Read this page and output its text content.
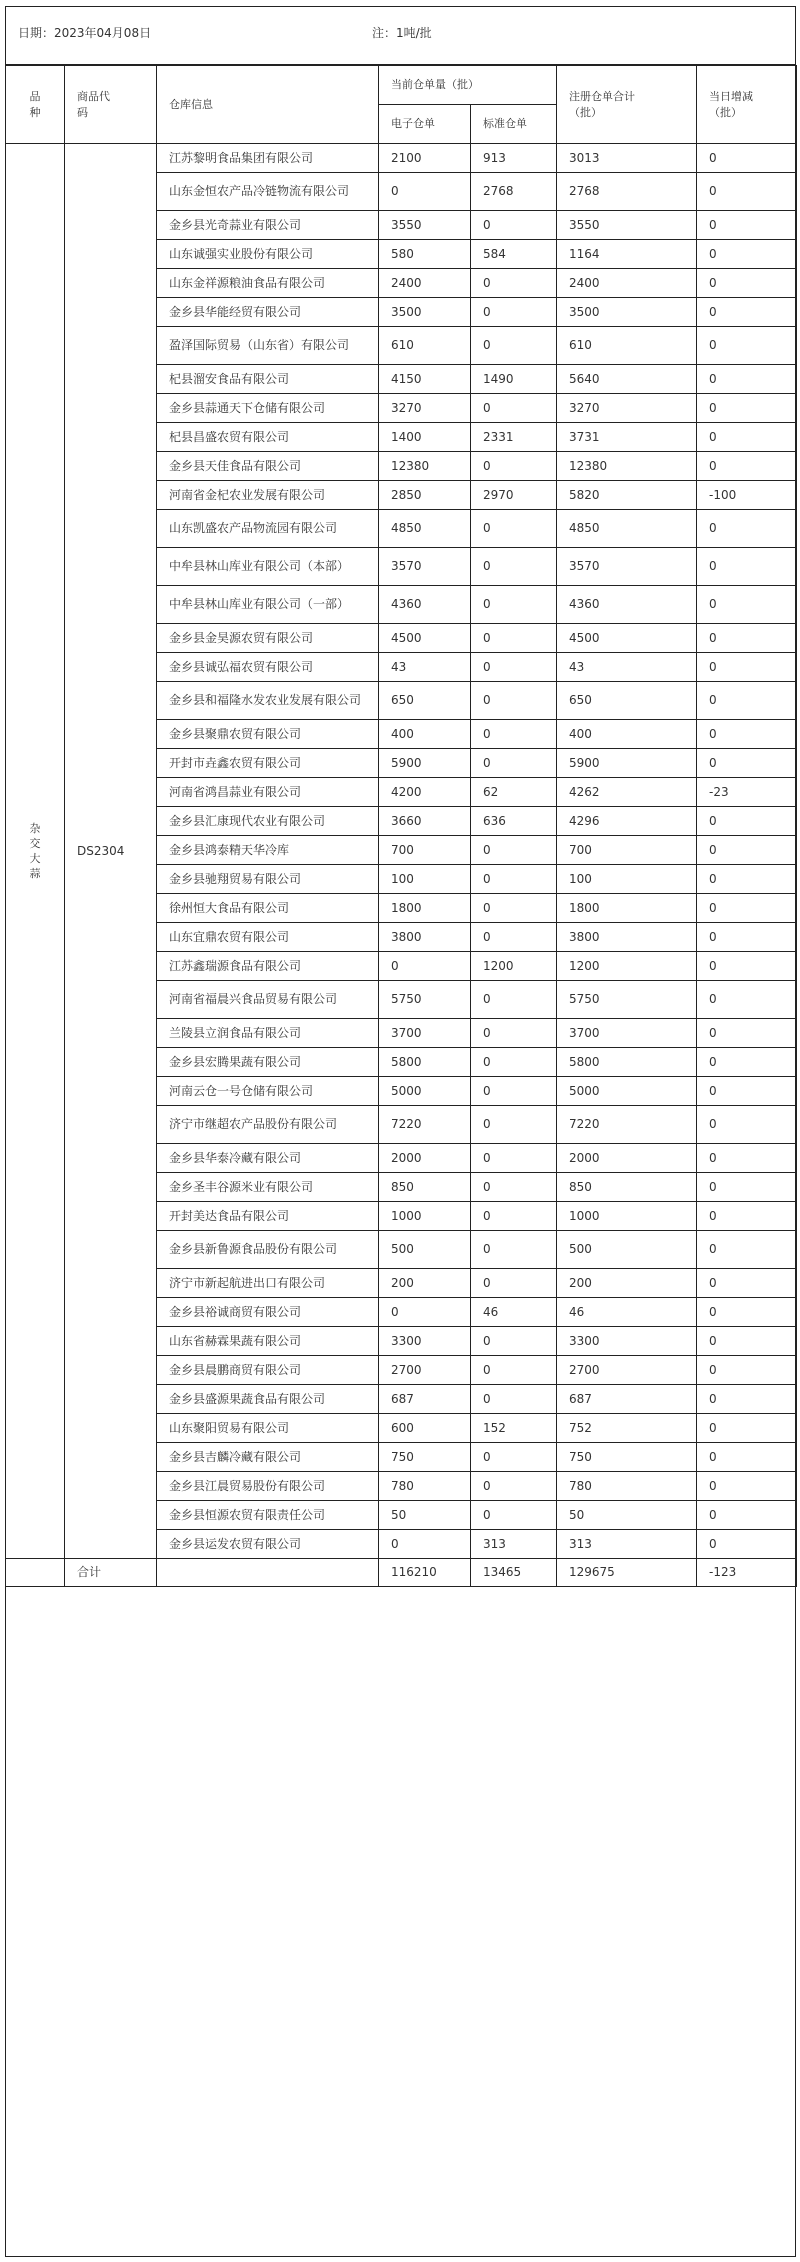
日期：2023年04月08日	注：1吨/批
品种	商品代码	仓库信息	当前仓单量（批）		注册仓单合计（批）	当日增减（批）
			电子仓单	标准仓单		
杂交大蒜	DS2304	江苏黎明食品集团有限公司	2100	913	3013	0
		山东金恒农产品冷链物流有限公司	0	2768	2768	0
		金乡县光奇蒜业有限公司	3550	0	3550	0
		山东诚强实业股份有限公司	580	584	1164	0
		山东金祥源粮油食品有限公司	2400	0	2400	0
		金乡县华能经贸有限公司	3500	0	3500	0
		盈泽国际贸易（山东省）有限公司	610	0	610	0
		杞县溜安食品有限公司	4150	1490	5640	0
		金乡县蒜通天下仓储有限公司	3270	0	3270	0
		杞县昌盛农贸有限公司	1400	2331	3731	0
		金乡县天佳食品有限公司	12380	0	12380	0
		河南省金杞农业发展有限公司	2850	2970	5820	-100
		山东凯盛农产品物流园有限公司	4850	0	4850	0
		中牟县林山库业有限公司（本部）	3570	0	3570	0
		中牟县林山库业有限公司（一部）	4360	0	4360	0
		金乡县金昊源农贸有限公司	4500	0	4500	0
		金乡县诚弘福农贸有限公司	43	0	43	0
		金乡县和福隆水发农业发展有限公司	650	0	650	0
		金乡县聚鼎农贸有限公司	400	0	400	0
		开封市垚鑫农贸有限公司	5900	0	5900	0
		河南省鸿昌蒜业有限公司	4200	62	4262	-23
		金乡县汇康现代农业有限公司	3660	636	4296	0
		金乡县鸿泰精天华冷库	700	0	700	0
		金乡县驰翔贸易有限公司	100	0	100	0
		徐州恒大食品有限公司	1800	0	1800	0
		山东宜鼎农贸有限公司	3800	0	3800	0
		江苏鑫瑞源食品有限公司	0	1200	1200	0
		河南省福晨兴食品贸易有限公司	5750	0	5750	0
		兰陵县立润食品有限公司	3700	0	3700	0
		金乡县宏腾果蔬有限公司	5800	0	5800	0
		河南云仓一号仓储有限公司	5000	0	5000	0
		济宁市继超农产品股份有限公司	7220	0	7220	0
		金乡县华泰冷藏有限公司	2000	0	2000	0
		金乡圣丰谷源米业有限公司	850	0	850	0
		开封美达食品有限公司	1000	0	1000	0
		金乡县新鲁源食品股份有限公司	500	0	500	0
		济宁市新起航进出口有限公司	200	0	200	0
		金乡县裕诚商贸有限公司	0	46	46	0
		山东省赫霖果蔬有限公司	3300	0	3300	0
		金乡县晨鹏商贸有限公司	2700	0	2700	0
		金乡县盛源果蔬食品有限公司	687	0	687	0
		山东聚阳贸易有限公司	600	152	752	0
		金乡县吉麟冷藏有限公司	750	0	750	0
		金乡县江晨贸易股份有限公司	780	0	780	0
		金乡县恒源农贸有限责任公司	50	0	50	0
		金乡县运发农贸有限公司	0	313	313	0
	合计		116210	13465	129675	-123
